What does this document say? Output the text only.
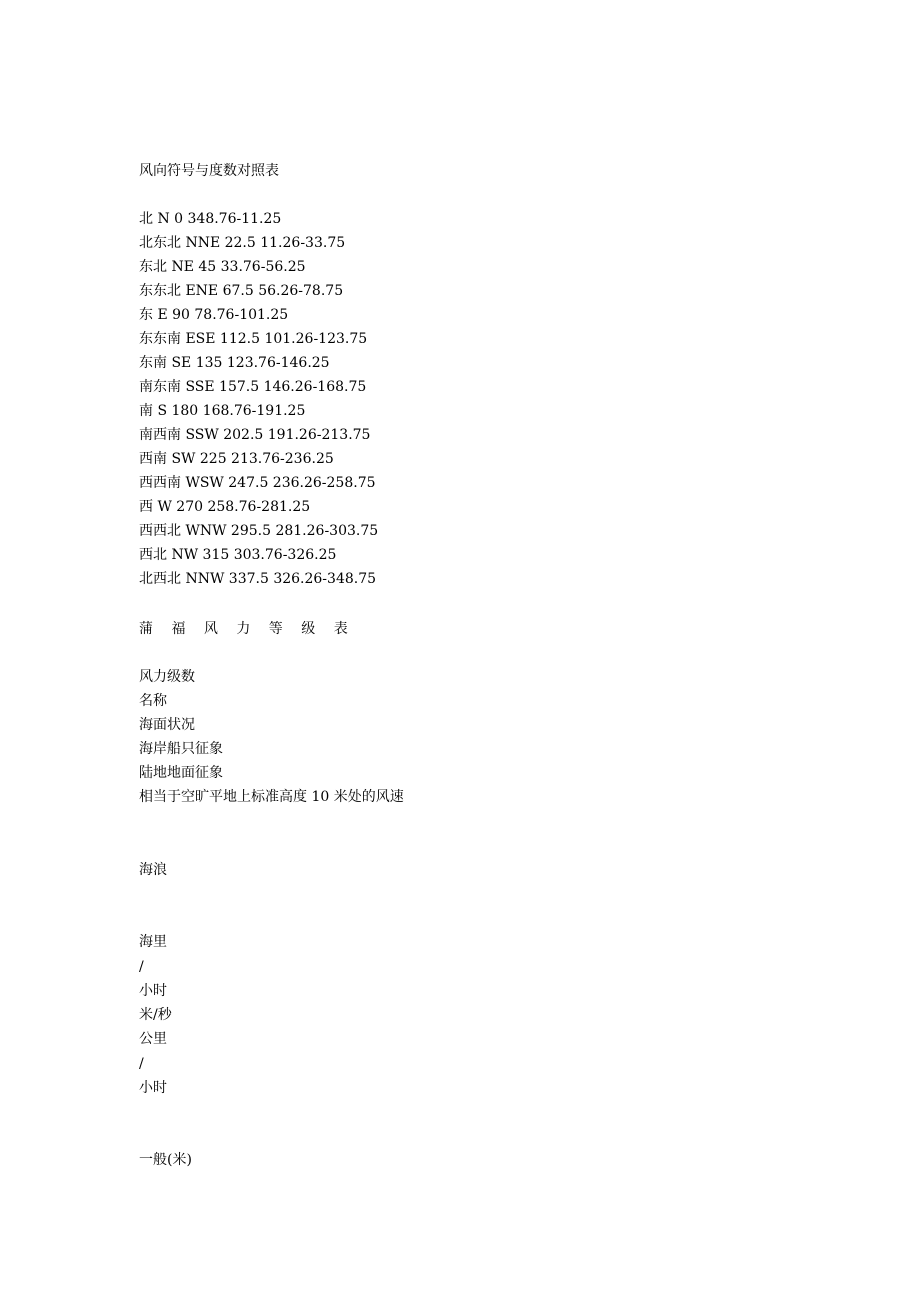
风向符号与度数对照表
北 N 0 348.76-11.25
北东北 NNE 22.5 11.26-33.75
东北 NE 45 33.76-56.25
东东北 ENE 67.5 56.26-78.75
东 E 90 78.76-101.25
东东南 ESE 112.5 101.26-123.75
东南 SE 135 123.76-146.25
南东南 SSE 157.5 146.26-168.75
南 S 180 168.76-191.25
南西南 SSW 202.5 191.26-213.75
西南 SW 225 213.76-236.25
西西南 WSW 247.5 236.26-258.75
西 W 270 258.76-281.25
西西北 WNW 295.5 281.26-303.75
西北 NW 315 303.76-326.25
北西北 NNW 337.5 326.26-348.75
蒲 福 风 力 等 级 表
风力级数
名称
海面状况
海岸船只征象
陆地地面征象
相当于空旷平地上标准高度 10 米处的风速
海浪
海里
/
小时
米/秒
公里
/
小时
一般(米)
